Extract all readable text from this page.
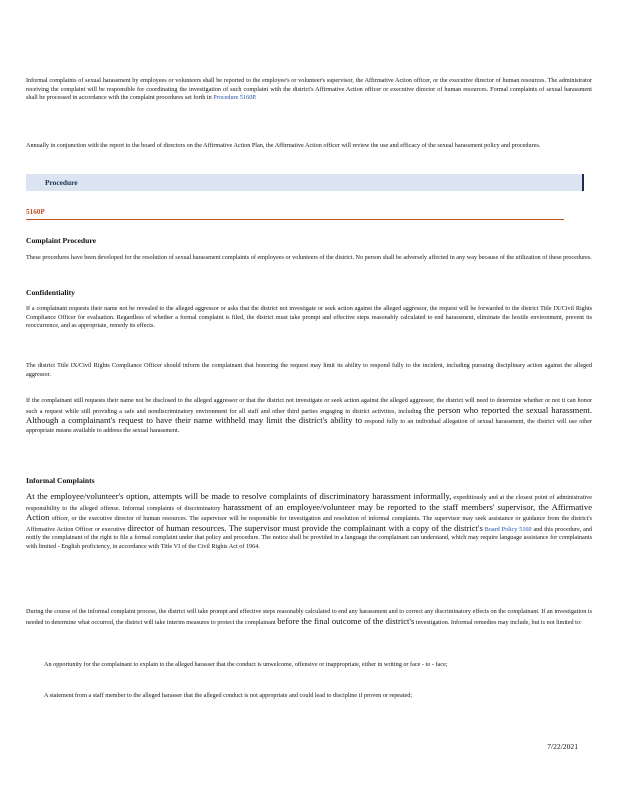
Informal complaints of sexual harassment by employees or volunteers shall be reported to the employee's or volunteer's supervisor, the Affirmative Action officer, or the executive director of human resources. The administrator receiving the complaint will be responsible for coordinating the investigation of such complaint with the district's Affirmative Action officer or executive director of human resources. Formal complaints of sexual harassment shall be processed in accordance with the complaint procedures set forth in Procedure 5160P.

Annually in conjunction with the report to the board of directors on the Affirmative Action Plan, the Affirmative Action officer will review the use and efficacy of the sexual harassment policy and procedures.

Procedure
5160P
Complaint Procedure

These procedures have been developed for the resolution of sexual harassment complaints of employees or volunteers of the district. No person shall be adversely affected in any way because of the utilization of these procedures.

Confidentiality

If a complainant requests their name not be revealed to the alleged aggressor or asks that the district not investigate or seek action against the alleged aggressor, the request will be forwarded to the district Title IX/Civil Rights Compliance Officer for evaluation. Regardless of whether a formal complaint is filed, the district must take prompt and effective steps reasonably calculated to end harassment, eliminate the hostile environment, prevent its reoccurrence, and as appropriate, remedy its effects.

The district Title IX/Civil Rights Compliance Officer should inform the complainant that honoring the request may limit its ability to respond fully to the incident, including pursuing disciplinary action against the alleged aggressor.

If the complainant still requests their name not be disclosed to the alleged aggressor or that the district not investigate or seek action against the alleged aggressor, the district will need to determine whether or not it can honor such a request while still providing a safe and nondiscriminatory environment for all staff and other third parties engaging in district activities, including the person who reported the sexual harassment. Although a complainant's request to have their name withheld may limit the district's ability to respond fully to an individual allegation of sexual harassment, the district will use other appropriate means available to address the sexual harassment.

Informal Complaints

At the employee/volunteer's option, attempts will be made to resolve complaints of discriminatory harassment informally, expeditiously and at the closest point of administrative responsibility to the alleged offense. Informal complaints of discriminatory harassment of an employee/volunteer may be reported to the staff members' supervisor, the Affirmative Action officer, or the executive director of human resources. The supervisor will be responsible for investigation and resolution of informal complaints. The supervisor may seek assistance or guidance from the district's Affirmative Action Officer or executive director of human resources. The supervisor must provide the complainant with a copy of the district's Board Policy 5160 and this procedure, and notify the complainant of the right to file a formal complaint under that policy and procedure. The notice shall be provided in a language the complainant can understand, which may require language assistance for complainants with limited - English proficiency, in accordance with Title VI of the Civil Rights Act of 1964.

During the course of the informal complaint process, the district will take prompt and effective steps reasonably calculated to end any harassment and to correct any discriminatory effects on the complainant. If an investigation is needed to determine what occurred, the district will take interim measures to protect the complainant before the final outcome of the district's investigation. Informal remedies may include, but is not limited to:

An opportunity for the complainant to explain to the alleged harasser that the conduct is unwelcome, offensive or inappropriate, either in writing or face - to - face;
A statement from a staff member to the alleged harasser that the alleged conduct is not appropriate and could lead to discipline if proven or repeated;
7/22/2021
